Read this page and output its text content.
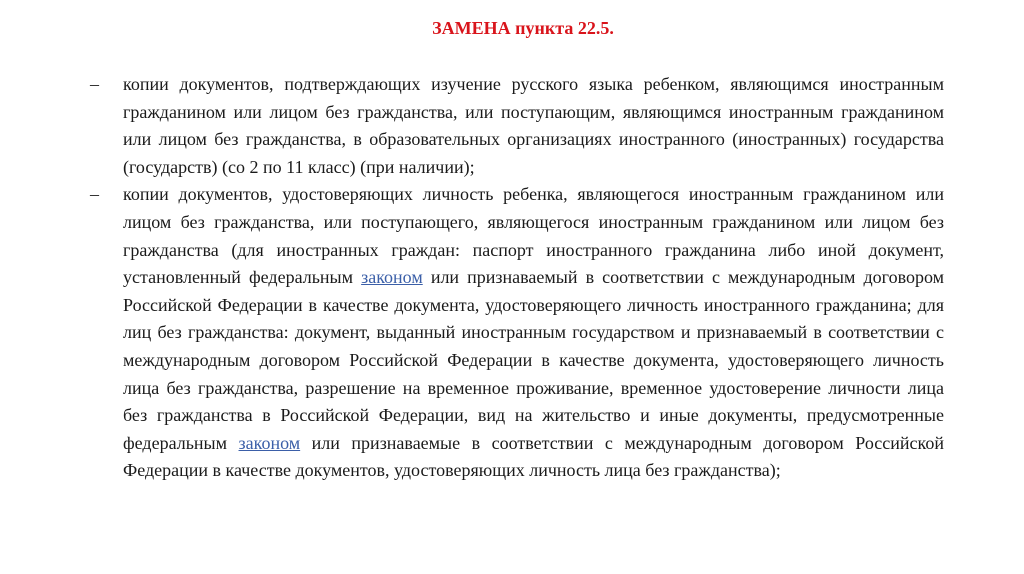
ЗАМЕНА пункта 22.5.
–	копии документов, подтверждающих изучение русского языка ребенком, являющимся иностранным гражданином или лицом без гражданства, или поступающим, являющимся иностранным гражданином или лицом без гражданства, в образовательных организациях иностранного (иностранных) государства (государств) (со 2 по 11 класс) (при наличии);
–	копии документов, удостоверяющих личность ребенка, являющегося иностранным гражданином или лицом без гражданства, или поступающего, являющегося иностранным гражданином или лицом без гражданства (для иностранных граждан: паспорт иностранного гражданина либо иной документ, установленный федеральным законом или признаваемый в соответствии с международным договором Российской Федерации в качестве документа, удостоверяющего личность иностранного гражданина; для лиц без гражданства: документ, выданный иностранным государством и признаваемый в соответствии с международным договором Российской Федерации в качестве документа, удостоверяющего личность лица без гражданства, разрешение на временное проживание, временное удостоверение личности лица без гражданства в Российской Федерации, вид на жительство и иные документы, предусмотренные федеральным законом или признаваемые в соответствии с международным договором Российской Федерации в качестве документов, удостоверяющих личность лица без гражданства);
